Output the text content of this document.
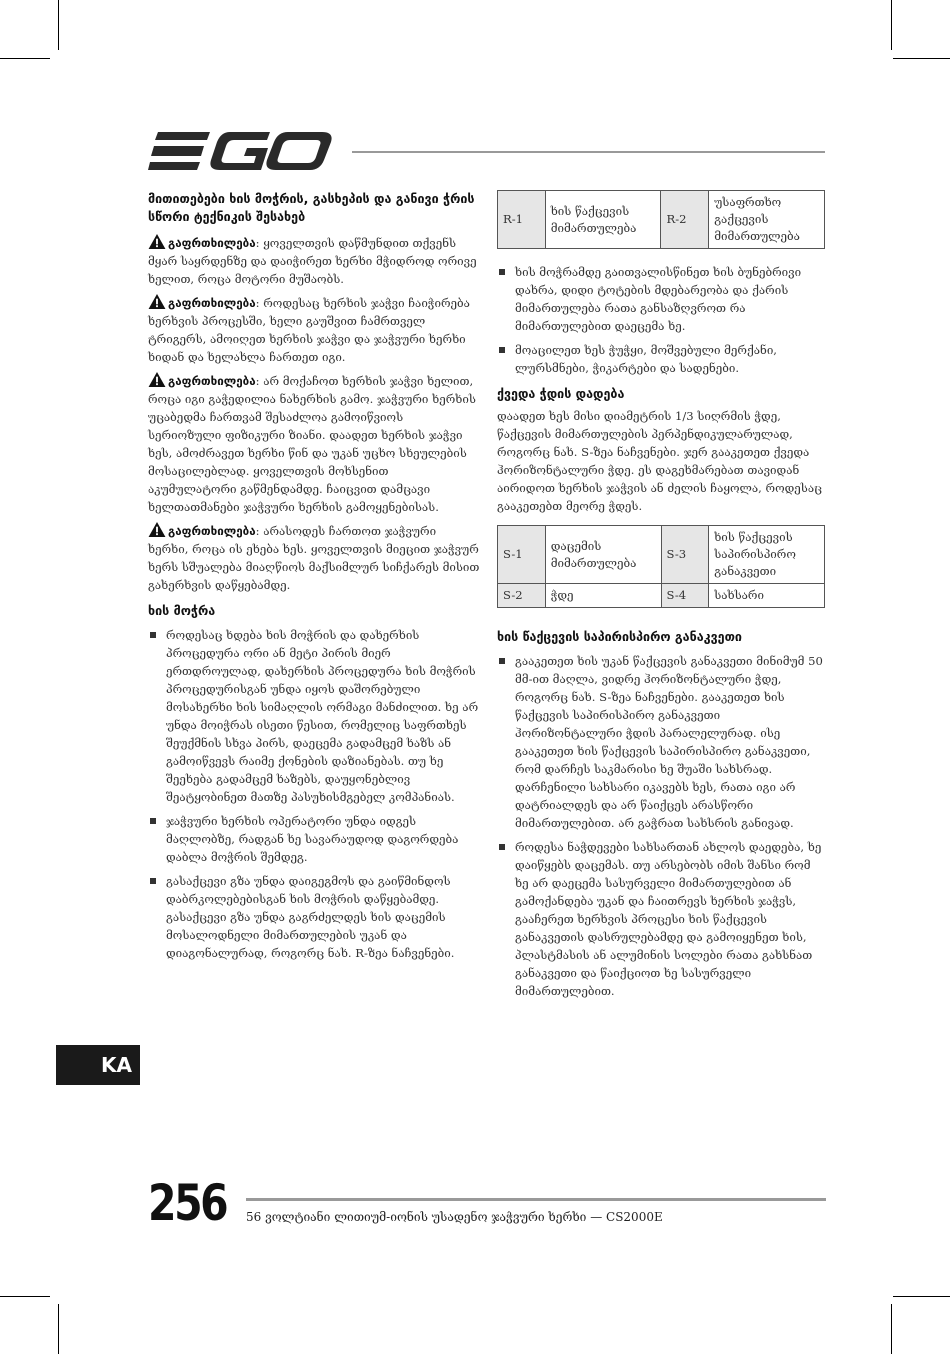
მითითებები ხის მოჭრის, გასხეპის და განივი ჭრის სწორი ტექნიკის შესახებ
გაფრთხილება: ყოველთვის დაწმუნდით თქვენს მყარ საყრდენზე და დაიჭირეთ ხერხი მჭიდროდ ორივე ხელით, როცა მოტორი მუშაობს.
გაფრთხილება: როდესაც ხერხის ჯაჭვი ჩაიჭირება ხერხვის პროცესში, ხელი გაუშვით ჩამრთველ ტრიგერს, ამოიღეთ ხერხის ჯაჭვი და ჯაჭვური ხერხი ხიდან და ხელახლა ჩართეთ იგი.
გაფრთხილება: არ მოქაჩოთ ხერხის ჯაჭვი ხელით, როცა იგი გაჭედილია ნახერხის გამო. ჯაჭვური ხერხის უცაბედმა ჩართვამ შესაძლოა გამოიწვიოს სერიოზული ფიზიკური ზიანი. დაადეთ ხერხის ჯაჭვი ხეს, ამოძრავეთ ხერხი წინ და უკან უცხო სხეულების მოსაცილებლად. ყოველთვის მოხსენით აკუმულატორი გაწმენდამდე. ჩაიცვით დამცავი ხელთათმანები ჯაჭვური ხერხის გამოყენებისას.
გაფრთხილება: არასოდეს ჩართოთ ჯაჭვური ხერხი, როცა ის ეხება ხეს. ყოველთვის მიეცით ჯაჭვურ ხერს სშუალება მიაღწიოს მაქსიმლურ სიჩქარეს მისით გახერხვის დაწყებამდე.
ხის მოჭრა
როდესაც ხდება ხის მოჭრის და დახერხის პროცედურა ორი ან მეტი პირის მიერ ერთდროულად, დახერხის პროცედურა ხის მოჭრის პროცედურისგან უნდა იყოს დაშორებული მოსახერხი ხის სიმაღლის ორმაგი მანძილით. ხე არ უნდა მოიჭრას ისეთი წესით, რომელიც საფრთხეს შეუქმნის სხვა პირს, დაეცემა გადამცემ ხაზს ან გამოიწვევს რაიმე ქონების დაზიანებას. თუ ხე შეეხება გადამცემ ხაზებს, დაუყონებლივ შეატყობინეთ მათზე პასუხისმგებელ კომპანიას.
ჯაჭვური ხერხის ოპერატორი უნდა იდგეს მაღლობზე, რადგან ხე სავარაუდოდ დაგორდება დაბლა მოჭრის შემდეგ.
გასაქცევი გზა უნდა დაიგეგმოს და გაიწმინდოს დაბრკოლებებისგან ხის მოჭრის დაწყებამდე. გასაქცევი გზა უნდა გაგრძელდეს ხის დაცემის მოსალოდნელი მიმართულების უკან და დიაგონალურად, როგორც ნახ. R-ზეა ნაჩვენები.
R-1	ხის წაქცევის მიმართულება	R-2	უსაფრთხო გაქცევის მიმართულება
ხის მოჭრამდე გაითვალისწინეთ ხის ბუნებრივი დახრა, დიდი ტოტების მდებარეობა და ქარის მიმართულება რათა განსაზღვროთ რა მიმართულებით დაეცემა ხე.
მოაცილეთ ხეს ჭუჭყი, მოშვებული მერქანი, ლურსმნები, ჭიკარტები და სადენები.
ქვედა ჭდის დადება
დაადეთ ხეს მისი დიამეტრის 1/3 სიღრმის ჭდე, წაქცევის მიმართულების პერპენდიკულარულად, როგორც ნახ. S-ზეა ნაჩვენები. ჯერ გააკეთეთ ქვედა ჰორიზონტალური ჭდე. ეს დაგეხმარებათ თავიდან აირიდოთ ხერხის ჯაჭვის ან ძელის ჩაყოლა, როდესაც გააკეთებთ მეორე ჭდეს.
S-1	დაცემის მიმართულება	S-3	ხის წაქცევის საპირისპირო განაკვეთი
S-2	ჭდე	S-4	სახსარი
ხის წაქცევის საპირისპირო განაკვეთი
გააკეთეთ ხის უკან წაქცევის განაკვეთი მინიმუმ 50 მმ-ით მაღლა, ვიდრე ჰორიზონტალური ჭდე, როგორც ნახ. S-ზეა ნაჩვენები. გააკეთეთ ხის წაქცევის საპირისპირო განაკვეთი ჰორიზონტალური ჭდის პარალელურად. ისე გააკეთეთ ხის წაქცევის საპირისპირო განაკვეთი, რომ დარჩეს საკმარისი ხე შუაში სახსრად. დარჩენილი სახსარი იკავებს ხეს, რათა იგი არ დატრიალდეს და არ წაიქცეს არასწორი მიმართულებით. არ გაჭრათ სახსრის განივად.
როდესა ნაჭდევები სახსართან ახლოს დაედება, ხე დაიწყებს დაცემას. თუ არსებობს იმის შანსი რომ ხე არ დაეცემა სასურველი მიმართულებით ან გამოქანდება უკან და ჩაითრევს ხერხის ჯაჭვს, გააჩერეთ ხერხვის პროცესი ხის წაქცევის განაკვეთის დასრულებამდე და გამოიყენეთ ხის, პლასტმასის ან ალუმინის სოლები რათა გახსნათ განაკვეთი და წაიქციოთ ხე სასურველი მიმართულებით.
KA
256 56 ვოლტიანი ლითიუმ-იონის უსადენო ჯაჭვური ხერხი — CS2000E
